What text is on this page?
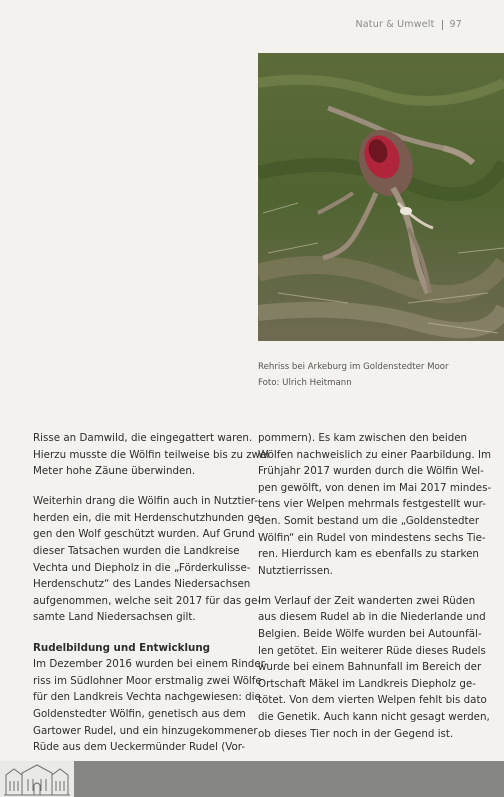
Natur & Umwelt 97
Rehriss bei Arkeburg im Goldenstedter Moor
Foto: Ulrich Heitmann
Risse an Damwild, die eingegattert waren.
Hierzu musste die Wölfin teilweise bis zu zwei
Meter hohe Zäune überwinden.
Weiterhin drang die Wölfin auch in Nutztier-
herden ein, die mit Herdenschutzhunden ge-
gen den Wolf geschützt wurden. Auf Grund
dieser Tatsachen wurden die Landkreise
Vechta und Diepholz in die „Förderkulisse-
Herdenschutz“ des Landes Niedersachsen
aufgenommen, welche seit 2017 für das ge-
samte Land Niedersachsen gilt.
Rudelbildung und Entwicklung
Im Dezember 2016 wurden bei einem Rinder-
riss im Südlohner Moor erstmalig zwei Wölfe
für den Landkreis Vechta nachgewiesen: die
Goldenstedter Wölfin, genetisch aus dem
Gartower Rudel, und ein hinzugekommener
Rüde aus dem Ueckermünder Rudel (Vor-
pommern). Es kam zwischen den beiden
Wölfen nachweislich zu einer Paarbildung. Im
Frühjahr 2017 wurden durch die Wölfin Wel-
pen gewölft, von denen im Mai 2017 mindes-
tens vier Welpen mehrmals festgestellt wur-
den. Somit bestand um die „Goldenstedter
Wölfin“ ein Rudel von mindestens sechs Tie-
ren. Hierdurch kam es ebenfalls zu starken
Nutztierrissen.
Im Verlauf der Zeit wanderten zwei Rüden
aus diesem Rudel ab in die Niederlande und
Belgien. Beide Wölfe wurden bei Autounfäl-
len getötet. Ein weiterer Rüde dieses Rudels
wurde bei einem Bahnunfall im Bereich der
Ortschaft Mäkel im Landkreis Diepholz ge-
tötet. Von dem vierten Welpen fehlt bis dato
die Genetik. Auch kann nicht gesagt werden,
ob dieses Tier noch in der Gegend ist.
